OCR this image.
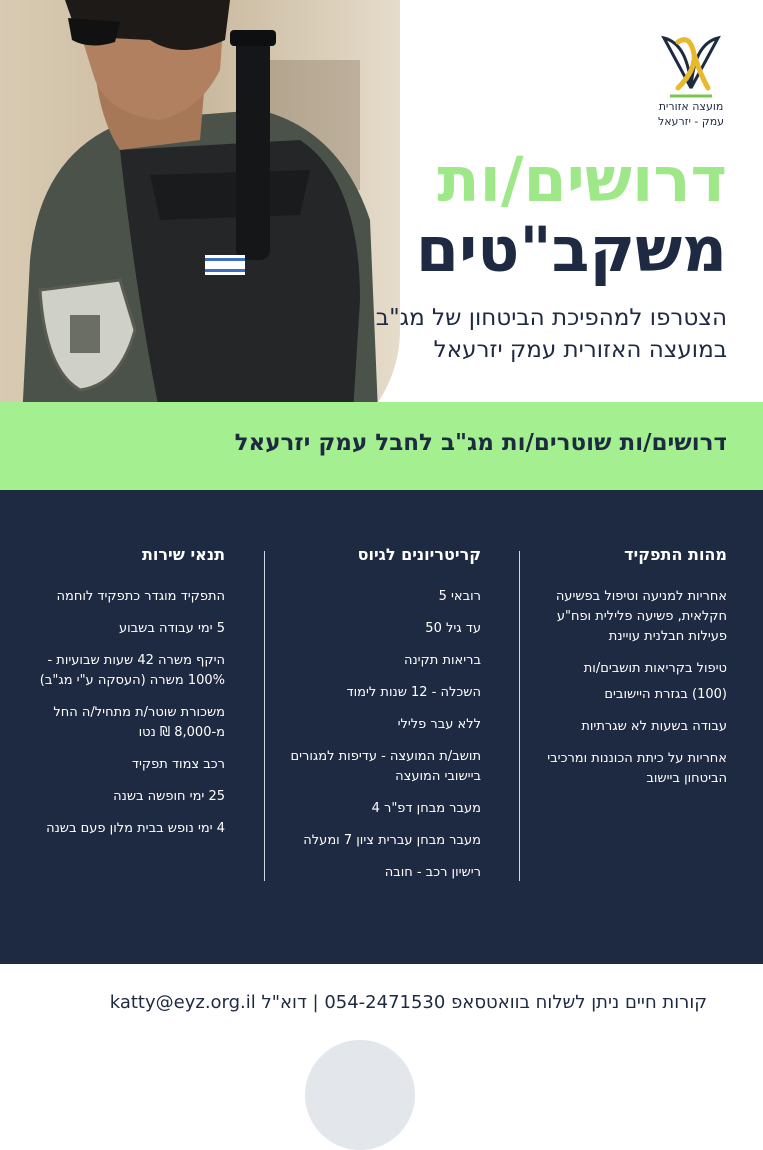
מועצה אזורית
עמק - יזרעאל
דרושים/ות
משקב"טים
הצטרפו למהפיכת הביטחון של מג"ב
במועצה האזורית עמק יזרעאל
דרושים/ות שוטרים/ות מג"ב לחבל עמק יזרעאל
מהות התפקיד
אחריות למניעה וטיפול בפשיעה חקלאית, פשיעה פלילית ופח"ע פעילות חבלנית עויינת
טיפול בקריאות תושבים/ות
(100) בגזרת היישובים
עבודה בשעות לא שגרתיות
אחריות על כיתת הכוננות ומרכיבי הביטחון ביישוב
קריטריונים לגיוס
רובאי 5
עד גיל 50
בריאות תקינה
השכלה - 12 שנות לימוד
ללא עבר פלילי
תושב/ת המועצה - עדיפות למגורים ביישובי המועצה
מעבר מבחן דפ"ר 4
מעבר מבחן עברית ציון 7 ומעלה
רישיון רכב - חובה
תנאי שירות
התפקיד מוגדר כתפקיד לוחמה
5 ימי עבודה בשבוע
היקף משרה 42 שעות שבועיות - 100% משרה (העסקה ע"י מג"ב)
משכורת שוטר/ת מתחיל/ה החל מ-8,000 ₪ נטו
רכב צמוד תפקיד
25 ימי חופשה בשנה
4 ימי נופש בבית מלון פעם בשנה
קורות חיים ניתן לשלוח בוואטסאפ 054-2471530 | דוא"ל katty@eyz.org.il
